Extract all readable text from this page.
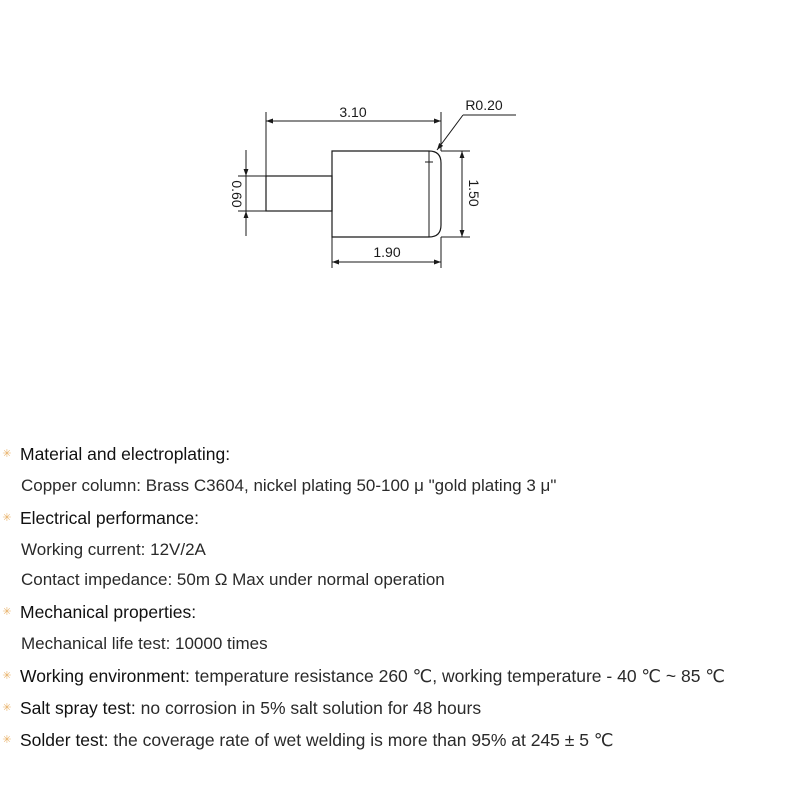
3.10	R0.20
1.90
1.50
0.60
✳ Material and electroplating:
Copper column: Brass C3604, nickel plating 50-100 μ "gold plating 3 μ"
✳ Electrical performance:
Working current: 12V/2A
Contact impedance: 50m Ω Max under normal operation
✳ Mechanical properties:
Mechanical life test: 10000 times
✳ Working environment: temperature resistance 260 ℃, working temperature - 40 ℃ ~ 85 ℃
✳ Salt spray test: no corrosion in 5% salt solution for 48 hours
✳ Solder test: the coverage rate of wet welding is more than 95% at 245 ± 5 ℃
